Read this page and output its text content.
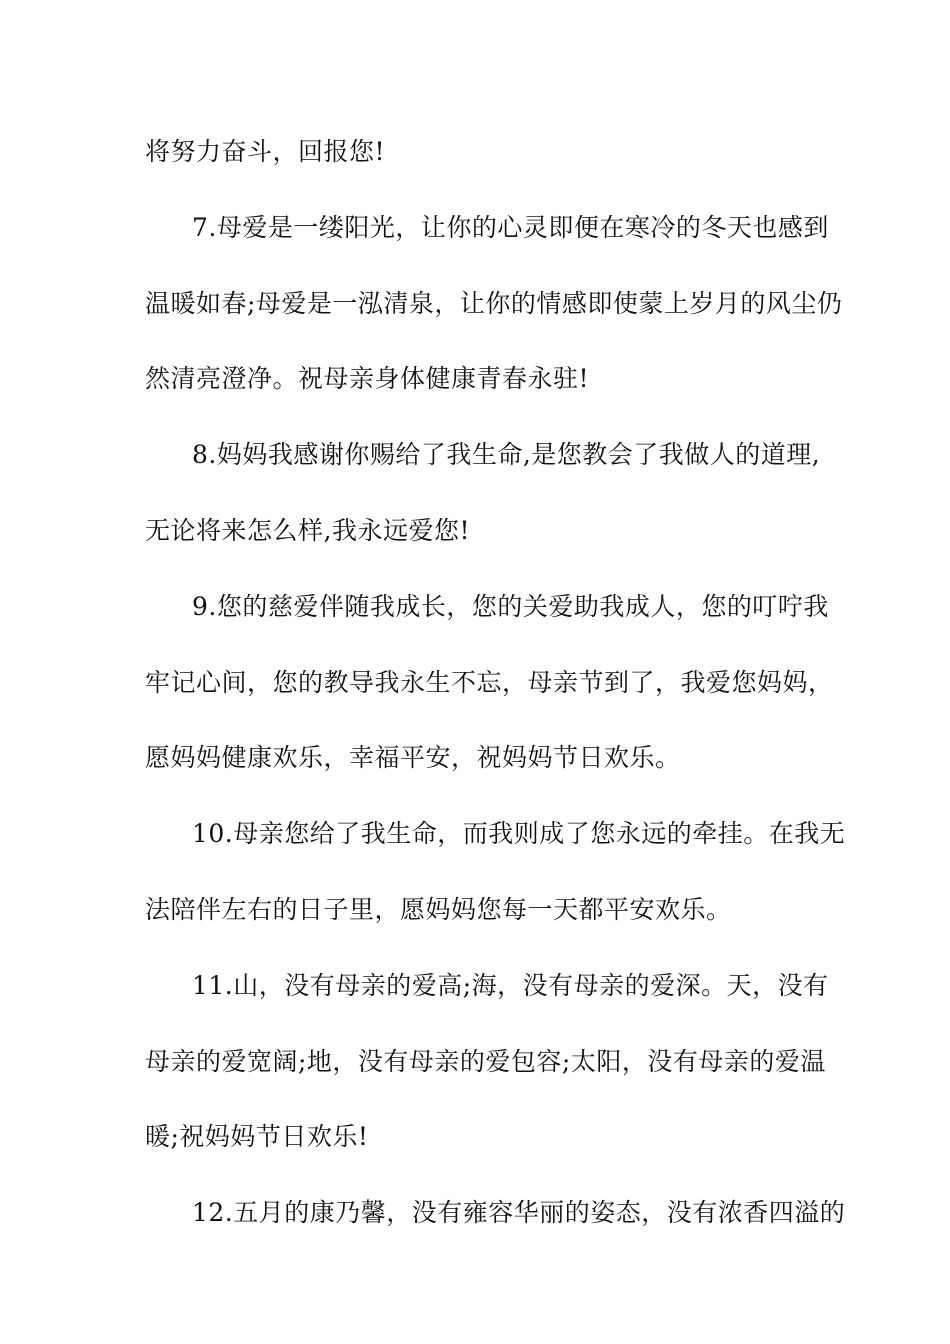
将努力奋斗，回报您!
7.母爱是一缕阳光，让你的心灵即便在寒冷的冬天也感到
温暖如春;母爱是一泓清泉，让你的情感即使蒙上岁月的风尘仍
然清亮澄净。祝母亲身体健康青春永驻!
8.妈妈我感谢你赐给了我生命,是您教会了我做人的道理,
无论将来怎么样,我永远爱您!
9.您的慈爱伴随我成长，您的关爱助我成人，您的叮咛我
牢记心间，您的教导我永生不忘，母亲节到了，我爱您妈妈，
愿妈妈健康欢乐，幸福平安，祝妈妈节日欢乐。
10.母亲您给了我生命，而我则成了您永远的牵挂。在我无
法陪伴左右的日子里，愿妈妈您每一天都平安欢乐。
11.山，没有母亲的爱高;海，没有母亲的爱深。天，没有
母亲的爱宽阔;地，没有母亲的爱包容;太阳，没有母亲的爱温
暖;祝妈妈节日欢乐!
12.五月的康乃馨，没有雍容华丽的姿态，没有浓香四溢的
